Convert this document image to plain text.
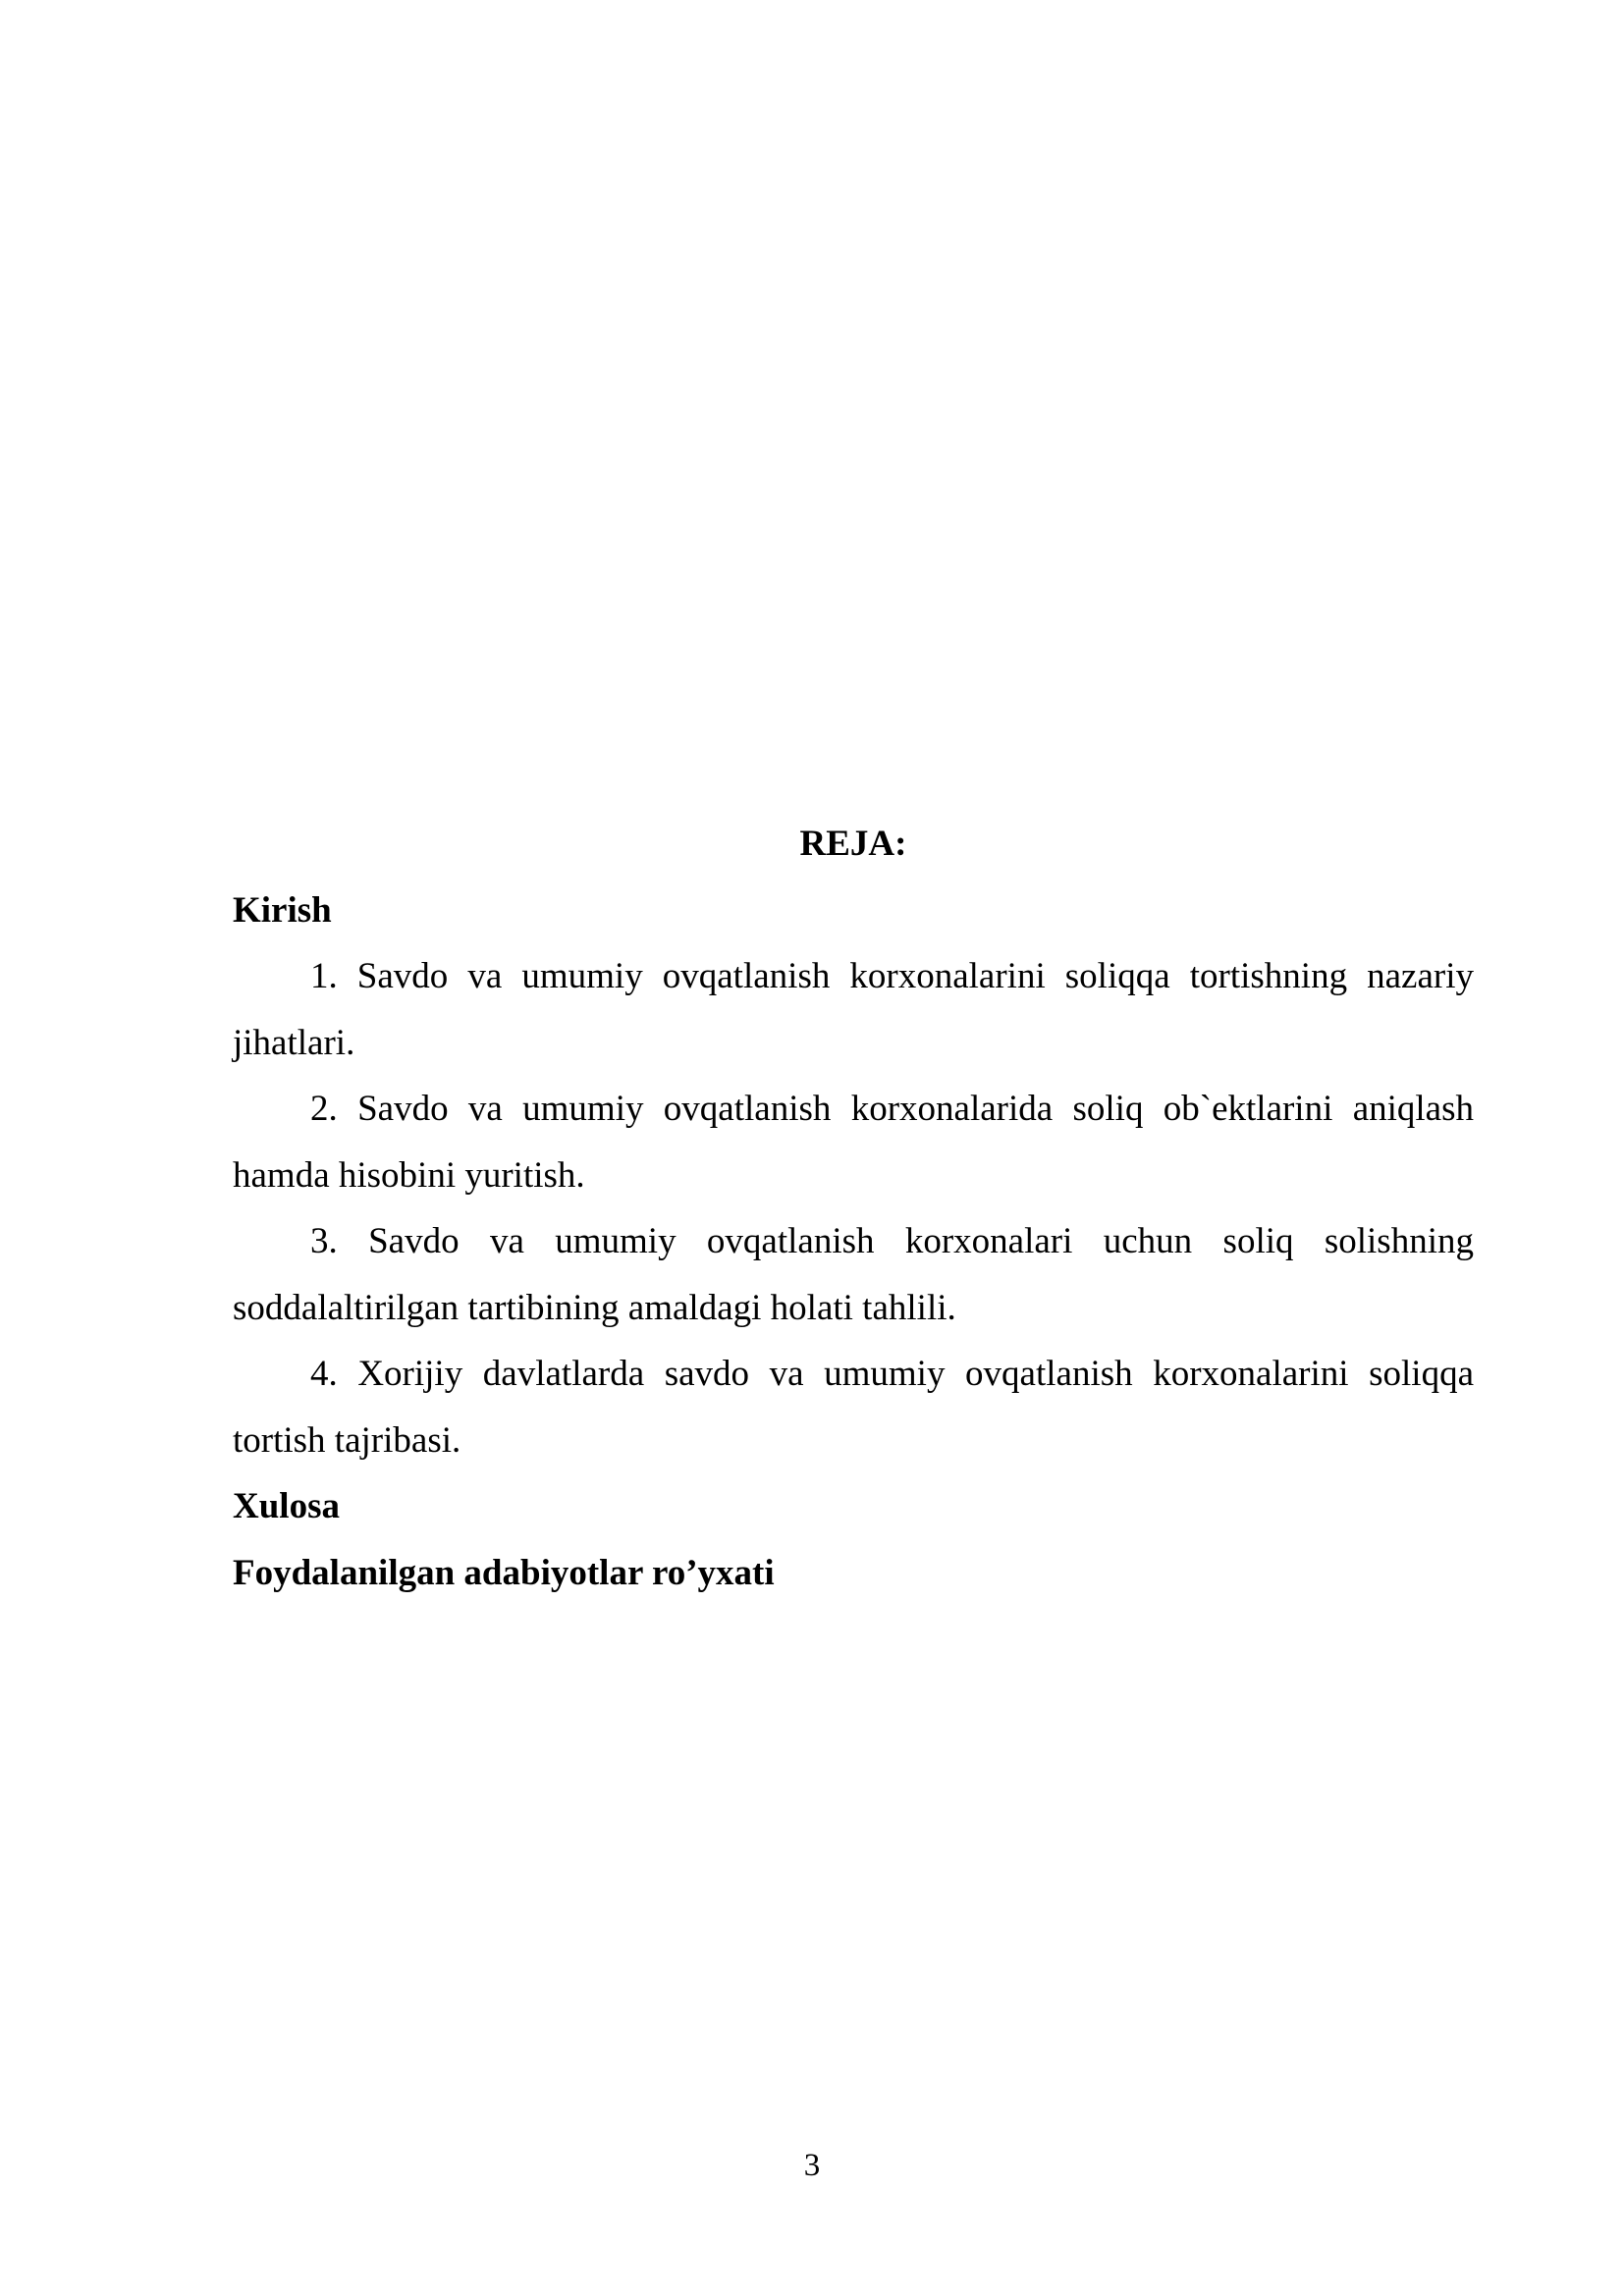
REJA:

Kirish

1. Savdo va umumiy ovqatlanish korxonalarini soliqqa tortishning nazariy jihatlari.

2. Savdo va umumiy ovqatlanish korxonalarida soliq ob`ektlarini aniqlash hamda hisobini yuritish.

3. Savdo va umumiy ovqatlanish korxonalari uchun soliq solishning soddalaltirilgan tartibining amaldagi holati tahlili.

4. Xorijiy davlatlarda savdo va umumiy ovqatlanish korxonalarini soliqqa tortish tajribasi.

Xulosa

Foydalanilgan adabiyotlar ro’yxati

3
